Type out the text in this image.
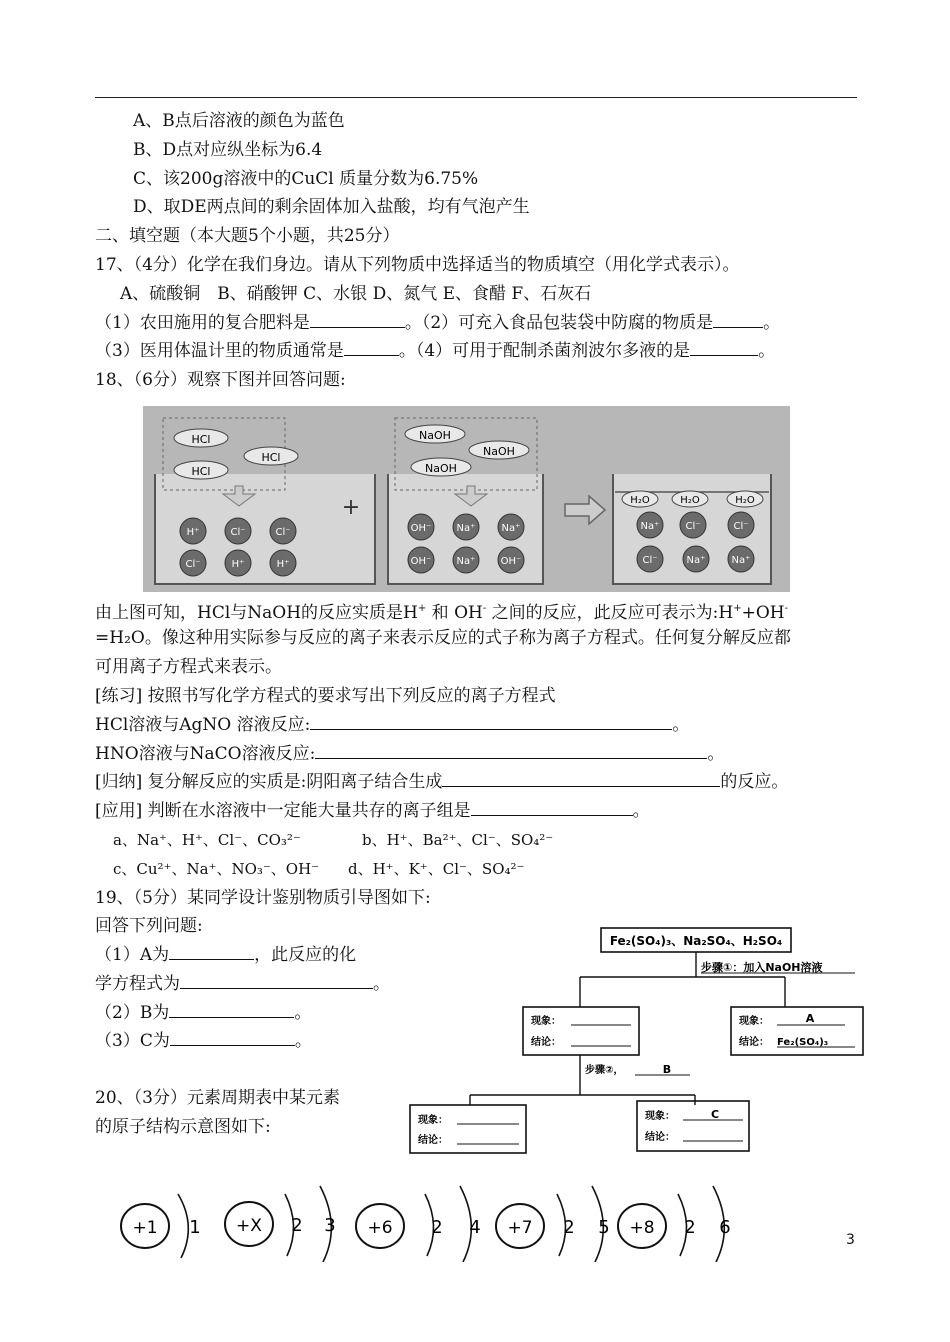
A、B点后溶液的颜色为蓝色
B、D点对应纵坐标为6.4
C、该200g溶液中的CuCl 质量分数为6.75%
D、取DE两点间的剩余固体加入盐酸，均有气泡产生
二、填空题（本大题5个小题，共25分）
17、（4分）化学在我们身边。请从下列物质中选择适当的物质填空（用化学式表示）。
A、硫酸铜　B、硝酸钾 C、水银 D、氮气 E、食醋 F、石灰石
（1）农田施用的复合肥料是	。（2）可充入食品包装袋中防腐的物质是	。
（3）医用体温计里的物质通常是	。（4）可用于配制杀菌剂波尔多液的是	。
18、（6分）观察下图并回答问题:
HCl
HCl
HCl
H⁺	Cl⁻	Cl⁻
Cl⁻	H⁺	H⁺
+
NaOH
NaOH
NaOH
OH⁻	Na⁺	Na⁺
OH⁻	Na⁺	OH⁻
H₂O	H₂O	H₂O
Na⁺	Cl⁻	Cl⁻
Cl⁻	Na⁺	Na⁺
由上图可知，HCl与NaOH的反应实质是H+ 和 OH- 之间的反应，此反应可表示为:H++OH-
=H₂O。像这种用实际参与反应的离子来表示反应的式子称为离子方程式。任何复分解反应都
可用离子方程式来表示。
[练习] 按照书写化学方程式的要求写出下列反应的离子方程式
HCl溶液与AgNO 溶液反应:	。
HNO溶液与NaCO溶液反应:	。
[归纳] 复分解反应的实质是:阴阳离子结合生成	的反应。
[应用] 判断在水溶液中一定能大量共存的离子组是	。
a、Na⁺、H⁺、Cl⁻、CO₃²⁻	b、H⁺、Ba²⁺、Cl⁻、SO₄²⁻
c、Cu²⁺、Na⁺、NO₃⁻、OH⁻ d、H⁺、K⁺、Cl⁻、SO₄²⁻
19、（5分）某同学设计鉴别物质引导图如下:
回答下列问题:
（1）A为	，此反应的化
学方程式为	。
（2）B为	。
（3）C为	。
Fe₂(SO₄)₃、Na₂SO₄、H₂SO₄
步骤①：加入NaOH溶液
现象：
结论：
现象：	A
结论： Fe₂(SO₄)₃
步骤②，	B
现象：
结论：
现象：	C
结论：
20、（3分）元素周期表中某元素
的原子结构示意图如下:
+1 1 +X 2 3 +6 2 4 +7 2 5 +8 2 6
3
